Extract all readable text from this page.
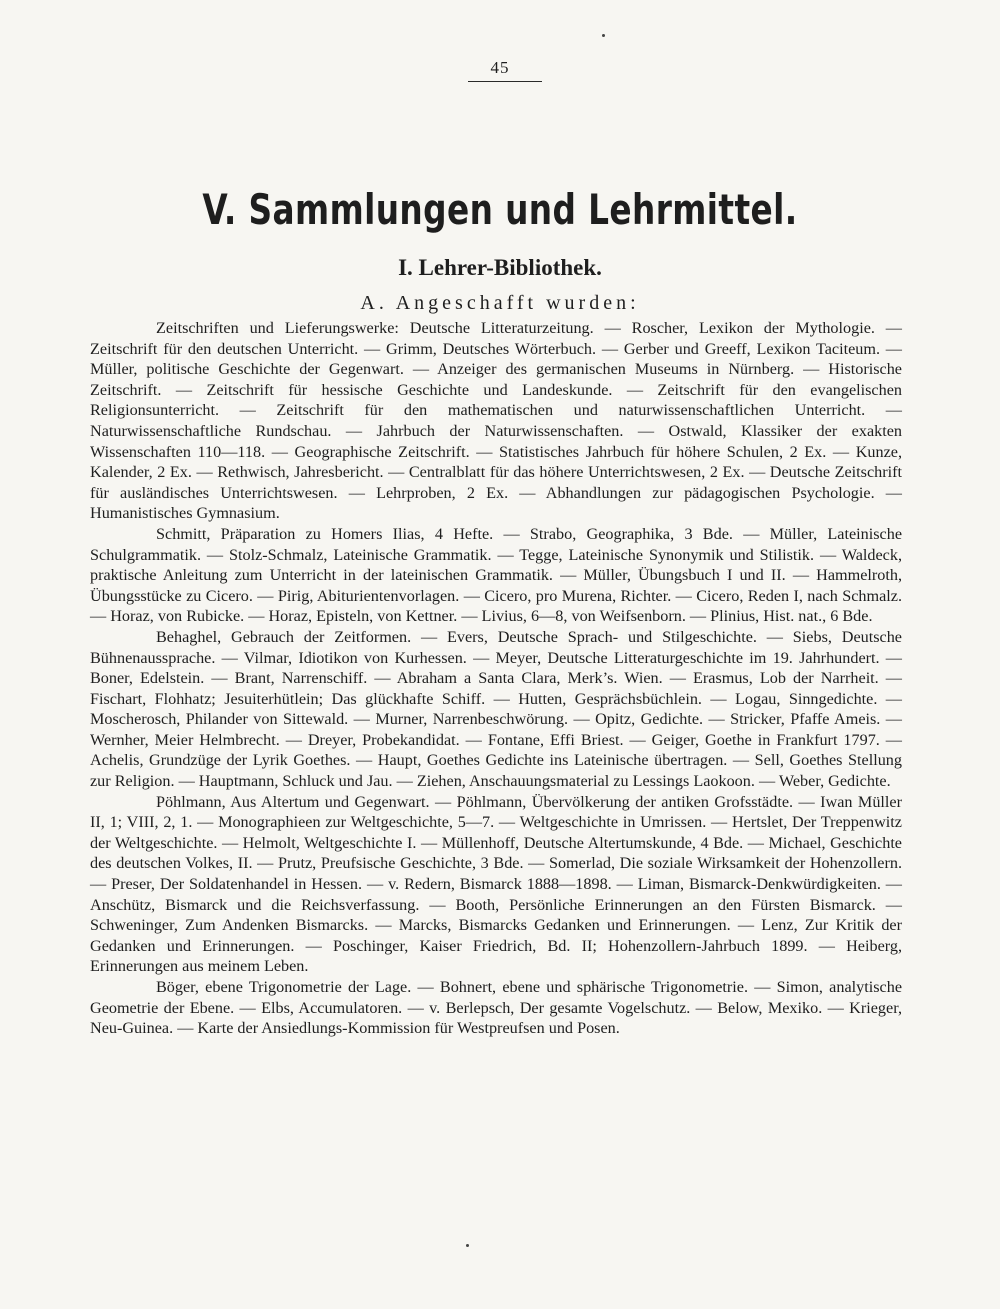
45
V. Sammlungen und Lehrmittel.
I. Lehrer-Bibliothek.
A. Angeschafft wurden:

Zeitschriften und Lieferungswerke: Deutsche Litteraturzeitung. — Roscher, Lexikon der Mythologie. — Zeitschrift für den deutschen Unterricht. — Grimm, Deutsches Wörterbuch. — Gerber und Greeff, Lexikon Taciteum. — Müller, politische Geschichte der Gegenwart. — Anzeiger des germanischen Museums in Nürnberg. — Historische Zeitschrift. — Zeitschrift für hessische Geschichte und Landeskunde. — Zeitschrift für den evangelischen Religionsunterricht. — Zeitschrift für den mathematischen und naturwissenschaftlichen Unterricht. — Naturwissenschaftliche Rundschau. — Jahrbuch der Naturwissenschaften. — Ostwald, Klassiker der exakten Wissenschaften 110—118. — Geographische Zeitschrift. — Statistisches Jahrbuch für höhere Schulen, 2 Ex. — Kunze, Kalender, 2 Ex. — Rethwisch, Jahresbericht. — Centralblatt für das höhere Unterrichtswesen, 2 Ex. — Deutsche Zeitschrift für ausländisches Unterrichtswesen. — Lehrproben, 2 Ex. — Abhandlungen zur pädagogischen Psychologie. — Humanistisches Gymnasium.

Schmitt, Präparation zu Homers Ilias, 4 Hefte. — Strabo, Geographika, 3 Bde. — Müller, Lateinische Schulgrammatik. — Stolz-Schmalz, Lateinische Grammatik. — Tegge, Lateinische Synonymik und Stilistik. — Waldeck, praktische Anleitung zum Unterricht in der lateinischen Grammatik. — Müller, Übungsbuch I und II. — Hammelroth, Übungsstücke zu Cicero. — Pirig, Abiturientenvorlagen. — Cicero, pro Murena, Richter. — Cicero, Reden I, nach Schmalz. — Horaz, von Rubicke. — Horaz, Episteln, von Kettner. — Livius, 6—8, von Weifsenborn. — Plinius, Hist. nat., 6 Bde.

Behaghel, Gebrauch der Zeitformen. — Evers, Deutsche Sprach- und Stilgeschichte. — Siebs, Deutsche Bühnenaussprache. — Vilmar, Idiotikon von Kurhessen. — Meyer, Deutsche Litteraturgeschichte im 19. Jahrhundert. — Boner, Edelstein. — Brant, Narrenschiff. — Abraham a Santa Clara, Merk’s. Wien. — Erasmus, Lob der Narrheit. — Fischart, Flohhatz; Jesuiterhütlein; Das glückhafte Schiff. — Hutten, Gesprächsbüchlein. — Logau, Sinngedichte. — Moscherosch, Philander von Sittewald. — Murner, Narrenbeschwörung. — Opitz, Gedichte. — Stricker, Pfaffe Ameis. — Wernher, Meier Helmbrecht. — Dreyer, Probekandidat. — Fontane, Effi Briest. — Geiger, Goethe in Frankfurt 1797. — Achelis, Grundzüge der Lyrik Goethes. — Haupt, Goethes Gedichte ins Lateinische übertragen. — Sell, Goethes Stellung zur Religion. — Hauptmann, Schluck und Jau. — Ziehen, Anschauungsmaterial zu Lessings Laokoon. — Weber, Gedichte.

Pöhlmann, Aus Altertum und Gegenwart. — Pöhlmann, Übervölkerung der antiken Grofsstädte. — Iwan Müller II, 1; VIII, 2, 1. — Monographieen zur Weltgeschichte, 5—7. — Weltgeschichte in Umrissen. — Hertslet, Der Treppenwitz der Weltgeschichte. — Helmolt, Weltgeschichte I. — Müllenhoff, Deutsche Altertumskunde, 4 Bde. — Michael, Geschichte des deutschen Volkes, II. — Prutz, Preufsische Geschichte, 3 Bde. — Somerlad, Die soziale Wirksamkeit der Hohenzollern. — Preser, Der Soldatenhandel in Hessen. — v. Redern, Bismarck 1888—1898. — Liman, Bismarck-Denkwürdigkeiten. — Anschütz, Bismarck und die Reichsverfassung. — Booth, Persönliche Erinnerungen an den Fürsten Bismarck. — Schweninger, Zum Andenken Bismarcks. — Marcks, Bismarcks Gedanken und Erinnerungen. — Lenz, Zur Kritik der Gedanken und Erinnerungen. — Poschinger, Kaiser Friedrich, Bd. II; Hohenzollern-Jahrbuch 1899. — Heiberg, Erinnerungen aus meinem Leben.

Böger, ebene Trigonometrie der Lage. — Bohnert, ebene und sphärische Trigonometrie. — Simon, analytische Geometrie der Ebene. — Elbs, Accumulatoren. — v. Berlepsch, Der gesamte Vogelschutz. — Below, Mexiko. — Krieger, Neu-Guinea. — Karte der Ansiedlungs-Kommission für Westpreufsen und Posen.
